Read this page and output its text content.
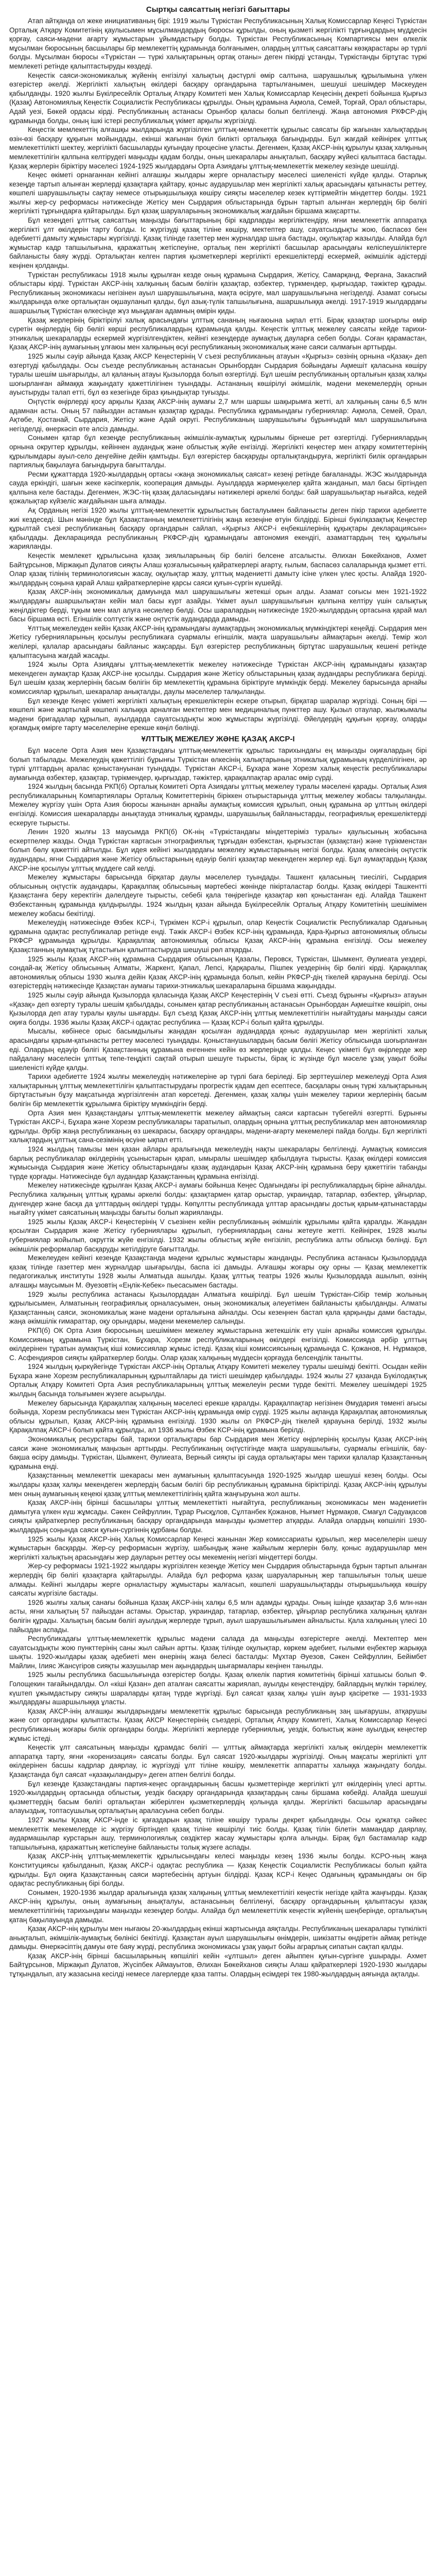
Сыртқы саясаттың негізгі бағыттары

Атап айтқанда ол жеке инициативаның бірі: 1919 жылы Түркістан Республикасының Халық Комиссарлар Кеңесі Түркістан Орталық Атқару Комитетінің қаулысымен мұсылмандардың бюросы құрылды, оның қызметі жергілікті тұрғындардың мүддесін қорғау, саяси-мәдени ағарту жұмыстарын ұйымдастыру болды. Түркістан Республикасының Компартиясы мен өлкелік мұсылман бюросының басшылары бір мемлекеттің құрамында болғанымен, олардың ұлттық саясаттағы көзқарастары әр түрлі болды. Мұсылман бюросы «Түркістан — түркі халықтарының ортақ отаны» деген пікірді ұстанды, Түркістанды біртұтас түркі мемлекеті ретінде қалыптастыруды көздеді.

Кеңестік саяси-экономикалық жүйенің енгізілуі халықтың дәстүрлі өмір салтына, шаруашылық құрылымына үлкен өзгерістер әкелді. Жергілікті халықтың өкілдері басқару органдарына тартылғанымен, шешуші шешімдер Мәскеуден қабылданды. 1920 жылғы Бүкілресейлік Орталық Атқару Комитеті мен Халық Комиссарлар Кеңесінің декреті бойынша Қырғыз (Қазақ) Автономиялық Кеңестік Социалистік Республикасы құрылды. Оның құрамына Ақмола, Семей, Торғай, Орал облыстары, Адай уезі, Бөкей ордасы кірді. Республиканың астанасы Орынбор қаласы болып белгіленді. Жаңа автономия РКФСР-дің құрамында болды, оның ішкі істері республикалық үкімет арқылы жүргізілді.

Кеңестік мемлекеттің алғашқы жылдарында жүргізілген ұлттық-мемлекеттік құрылыс саясаты бір жағынан халықтардың өзін-өзі басқару құқығын мойындады, екінші жағынан бүкіл билікті орталыққа бағындырды. Бұл жағдай кейінірек ұлттық мемлекеттілікті шектеу, жергілікті басшыларды қуғындау процесіне ұласты. Дегенмен, Қазақ АКСР-інің құрылуы қазақ халқының мемлекеттілігін қалпына келтірудегі маңызды қадам болды, оның шекаралары анықталып, басқару жүйесі қалыптаса бастады. Қазақ жерлерін біріктіру мәселесі 1924-1925 жылдардағы Орта Азиядағы ұлттық-мемлекеттік межелеу кезінде шешілді.

Кеңес өкіметі орнағаннан кейінгі алғашқы жылдары жерге орналастыру мәселесі шиеленісті күйде қалды. Отарлық кезеңде тартып алынған жерлерді қазақтарға қайтару, қоныс аударушылар мен жергілікті халық арасындағы қатынасты реттеу, көшпелі шаруашылықты сақтау немесе отырықшылыққа көшіру сияқты мәселелер кезек күттірмейтін міндеттер болды. 1921 жылғы жер-су реформасы нәтижесінде Жетісу мен Сырдария облыстарында бұрын тартып алынған жерлердің бір бөлігі жергілікті тұрғындарға қайтарылды. Бұл қазақ шаруаларының экономикалық жағдайын біршама жақсартты.

Бұл кезеңдегі ұлттық саясаттың маңызды бағыттарының бірі кадрларды жергіліктендіру, яғни мемлекеттік аппаратқа жергілікті ұлт өкілдерін тарту болды. Іс жүргізуді қазақ тіліне көшіру, мектептер ашу, сауатсыздықты жою, баспасөз бен әдебиетті дамыту жұмыстары жүргізілді. Қазақ тілінде газеттер мен журналдар шыға бастады, оқулықтар жазылды. Алайда бұл жұмыстар кадр тапшылығына, қаражаттың жетіспеуіне, орталық пен жергілікті басшылар арасындағы келіспеушіліктерге байланысты баяу жүрді. Орталықтан келген партия қызметкерлері жергілікті ерекшеліктерді ескермей, әкімшілік әдістерді кеңінен қолданды.

Түркістан республикасы 1918 жылы құрылған кезде оның құрамына Сырдария, Жетісу, Самарқанд, Ферғана, Закаспий облыстары кірді. Түркістан АКСР-інің халқының басым бөлігін қазақтар, өзбектер, түркмендер, қырғыздар, тәжіктер құрады. Республиканың экономикасы негізінен ауыл шаруашылығына, мақта өсіруге, мал шаруашылығына негізделді. Азамат соғысы жылдарында өлке орталықтан оқшауланып қалды, бұл азық-түлік тапшылығына, ашаршылыққа әкелді. 1917-1919 жылдардағы ашаршылық Түркістан өлкесінде жүз мыңдаған адамның өмірін қиды.

Қазақ жерлерінің біріктірілуі халық арасындағы ұлттық сананың нығаюына ықпал етті. Бірақ қазақтар шоғырлы өмір сүретін өңірлердің бір бөлігі көрші республикалардың құрамында қалды. Кеңестік ұлттық межелеу саясаты кейде тарихи-этникалық шекараларды ескермей жүргізілгендіктен, кейінгі кезеңдерде аумақтық дауларға себеп болды. Соған қарамастан, Қазақ АКСР-інің аумағының ұлғаюы мен халқының өсуі республиканың экономикалық және саяси салмағын арттырды.

1925 жылы сәуір айында Қазақ АКСР Кеңестерінің V съезі республиканың атауын «Қырғыз» сөзінің орнына «Қазақ» деп өзгертуді қабылдады. Осы съезде республиканың астанасын Орынбордан Сырдария бойындағы Ақмешіт қаласына көшіру туралы шешім шығарылды, ал қаланың атауы Қызылорда болып өзгертілді. Бұл шешім республиканың орталығын қазақ халқы шоғырланған аймаққа жақындату қажеттілігінен туындады. Астананың көшірілуі әкімшілік, мәдени мекемелердің орнын ауыстыруды талап етті, бұл өз кезегінде біраз қиындықтар туғызды.

Оңтүстік өңірлерді қосу арқылы Қазақ АКСР-інің аумағы 2,7 млн шаршы шақырымға жетті, ал халқының саны 6,5 млн адамнан асты. Оның 57 пайыздан астамын қазақтар құрады. Республика құрамындағы губерниялар: Ақмола, Семей, Орал, Ақтөбе, Қостанай, Сырдария, Жетісу және Адай округі. Республиканың шаруашылығы бұрынғыдай мал шаруашылығына негізделді, өнеркәсіп өте әлсіз дамыды.

Сонымен қатар бұл кезеңде республиканың әкімшілік-аумақтық құрылымы бірнеше рет өзгертілді. Губерниялардың орнына округтер құрылды, кейіннен аудандық және облыстық жүйе енгізілді. Жергілікті кеңестер мен атқару комитеттерінің құрылымдары ауыл-село деңгейіне дейін қамтыды. Бұл өзгерістер басқаруды орталықтандыруға, жергілікті билік органдарын партиялық бақылауға бағындыруға бағытталды.

Ресми құжаттарда 1920-жылдардың ортасы «жаңа экономикалық саясат» кезеңі ретінде бағаланады. ЖЭС жылдарында сауда еркіндігі, шағын жеке кәсіпкерлік, кооперация дамыды. Ауылдарда жәрмеңкелер қайта жанданып, мал басы біртіндеп қалпына келе бастады. Дегенмен, ЖЭС-тің қазақ даласындағы нәтижелері әркелкі болды: бай шаруашылықтар нығайса, кедей қожалықтар күйзеліс жағдайынан шыға алмады.

Ақ Орданың негізі 1920 жылы ұлттық-мемлекеттік құрылыстың басталуымен байланысты деген пікір тарихи әдебиетте жиі кездеседі. Шын мәнінде бұл Қазақстанның мемлекеттілігінің жаңа кезеңіне өтуін білдірді. Бірінші бүкілқазақтық Кеңестер құрылтай съезі республиканың басқару органдарын сайлап, «Қырғыз АКСР-і еңбекшілерінің құқықтары декларациясын» қабылдады. Декларацияда республиканың РКФСР-дің құрамындағы автономия екендігі, азаматтардың тең құқылығы жарияланды.

Кеңестік мемлекет құрылысына қазақ зиялыларының бір бөлігі белсене атсалысты. Әлихан Бөкейханов, Ахмет Байтұрсынов, Міржақып Дулатов сияқты Алаш қозғалысының қайраткерлері ағарту, ғылым, баспасөз салаларында қызмет етті. Олар қазақ тілінің терминологиясын жасау, оқулықтар жазу, ұлттық мәдениетті дамыту ісіне үлкен үлес қосты. Алайда 1920-жылдардың соңына қарай Алаш қайраткерлеріне қарсы саяси қуғын-сүргін күшейді.

Қазақ АКСР-інің экономикалық дамуында мал шаруашылығы жетекші орын алды. Азамат соғысы мен 1921-1922 жылдардағы ашаршылықтан кейін мал басы күрт азайды. Үкімет ауыл шаруашылығын қалпына келтіру үшін салықтық жеңілдіктер берді, тұқым мен мал алуға несиелер бөлді. Осы шаралардың нәтижесінде 1920-жылдардың ортасына қарай мал басы біршама өсті. Егіншілік солтүстік және оңтүстік аудандарда дамыды.

Ұлттық межелеуден кейін Қазақ АКСР-інің құрамындағы аумақтардың экономикалық мүмкіндіктері кеңейді. Сырдария мен Жетісу губернияларының қосылуы республикаға суармалы егіншілік, мақта шаруашылығы аймақтарын әкелді. Темір жол желілері, қалалар арасындағы байланыс жақсарды. Бұл өзгерістер республиканың біртұтас шаруашылық кешені ретінде қалыптасуына жағдай жасады.

1924 жылы Орта Азиядағы ұлттық-мемлекеттік межелеу нәтижесінде Түркістан АКСР-інің құрамындағы қазақтар мекендеген аумақтар Қазақ АКСР-іне қосылды. Сырдария және Жетісу облыстарының қазақ аудандары республикаға берілді. Бұл шешім қазақ жерлерінің басым бөлігін бір мемлекеттің құрамына біріктіруге мүмкіндік берді. Межелеу барысында арнайы комиссиялар құрылып, шекаралар анықталды, даулы мәселелер талқыланды.

Бұл кезеңде Кеңес үкіметі жергілікті халықтың ерекшеліктерін ескере отырып, бірқатар шаралар жүргізді. Соның бірі — көшпелі және жартылай көшпелі халыққа арналған мектептер мен медициналық пункттер ашу. Қызыл отаулар, жылжымалы мәдени бригадалар құрылып, ауылдарда сауатсыздықты жою жұмыстары жүргізілді. Әйелдердің құқығын қорғау, оларды қоғамдық өмірге тарту мәселелеріне ерекше көңіл бөлінді.

ҰЛТТЫҚ МЕЖЕЛЕУ ЖӘНЕ ҚАЗАҚ АКСР-І

Бұл мәселе Орта Азия мен Қазақстандағы ұлттық-мемлекеттік құрылыс тарихындағы ең маңызды оқиғалардың бірі болып табылады. Межелеудің қажеттілігі бұрынғы Түркістан өлкесінің халықтарының этникалық құрамының күрделілігінен, әр түрлі ұлттардың аралас қоныстануынан туындады. Түркістан АКСР-і, Бұхара және Хорезм халық кеңестік республикалары аумағында өзбектер, қазақтар, түрікмендер, қырғыздар, тәжіктер, қарақалпақтар аралас өмір сүрді.

1924 жылдың басында РКП(б) Орталық Комитеті Орта Азиядағы ұлттық межелеу туралы мәселені қарады. Орталық Азия республикаларының Компартиялары Орталық Комитеттерінің біріккен отырыстарында ұлттық межелеу жобасы талқыланды. Межелеу жүргізу үшін Орта Азия бюросы жанынан арнайы аумақтық комиссия құрылып, оның құрамына әр ұлттың өкілдері енгізілді. Комиссия шекараларды анықтауда этникалық құрамды, шаруашылық байланыстарды, географиялық ерекшеліктерді ескеруге тырысты.

Ленин 1920 жылғы 13 маусымда РКП(б) ОК-нің «Түркістандағы міндеттеріміз туралы» қаулысының жобасына ескертпелер жазды. Онда Түркістан картасын этнографиялық тұрғыдан өзбекстан, қырғызстан (қазақстан) және түрікменстан болып бөлу қажеттігі айтылды. Бұл идея кейінгі жылдардағы межелеу жұмыстарының негізі болды. Қазақ өлкесінің оңтүстік аудандары, яғни Сырдария және Жетісу облыстарының едәуір бөлігі қазақтар мекендеген жерлер еді. Бұл аумақтардың Қазақ АКСР-іне қосылуы ұлттық мүддеге сай келді.

Межелеу жұмыстары барысында бірқатар даулы мәселелер туындады. Ташкент қаласының тиесілігі, Сырдария облысының оңтүстік аудандары, Қарақалпақ облысының мәртебесі жөнінде пікірталастар болды. Қазақ өкілдері Ташкентті Қазақстанға беру керектігін дәлелдеуге тырысты, себебі қала төңірегінде қазақтар көп қоныстанған еді. Алайда Ташкент Өзбекстанның құрамында қалдырылды. 1924 жылдың қазан айында Бүкілресейлік Орталық Атқару Комитетінің шешімімен межелеу жобасы бекітілді.

Межелеудің нәтижесінде Өзбек КСР-і, Түркімен КСР-і құрылып, олар Кеңестік Социалистік Республикалар Одағының құрамына одақтас республикалар ретінде енді. Тәжік АКСР-і Өзбек КСР-інің құрамында, Қара-Қырғыз автономиялық облысы РКФСР құрамында құрылды. Қарақалпақ автономиялық облысы Қазақ АКСР-інің құрамына енгізілді. Осы межелеу Қазақстанның аумақтық тұтастығын қалыптастыруда шешуші рөл атқарды.

1925 жылы Қазақ АКСР-нің құрамына Сырдария облысының Қазалы, Перовск, Түркістан, Шымкент, Әулиеата уездері, сондай-ақ Жетісу облысының Алматы, Жаркент, Қапал, Лепсі, Қарқаралы, Пішпек уездерінің бір бөлігі кірді. Қарақалпақ автономиялық облысы 1930 жылға дейін Қазақ АКСР-інің құрамында болып, кейін РКФСР-дің тікелей қарауына берілді. Осы өзгерістердің нәтижесінде Қазақстан аумағы тарихи-этникалық шекараларына біршама жақындады.

1925 жылы сәуір айында Қызылорда қаласында Қазақ АКСР Кеңестерінің V съезі өтті. Съезд бұрынғы «Қырғыз» атауын «Қазақ» деп өзгерту туралы шешім қабылдады, сонымен қатар республиканың астанасын Орынбордан Ақмешітке көшіріп, оны Қызылорда деп атау туралы қаулы шығарды. Бұл съезд Қазақ АКСР-інің ұлттық мемлекеттілігін нығайтудағы маңызды саяси оқиға болды. 1936 жылы Қазақ АКСР-і одақтас республика — Қазақ КСР-і болып қайта құрылды.

Мысалы, көбінесе орыс басымдылығы жаңадан қосылған аудандарда қоныс аударушылар мен жергілікті халық арасындағы қарым-қатынасты реттеу мәселесі туындады. Қоныстанушылардың басым бөлігі Жетісу облысында шоғырланған еді. Олардың едәуір бөлігі Қазақстанның құрамына енгеннен кейін өз жерлерінде қалды. Кеңес үкіметі бұл өңірлерде жер пайдалану мәселесін ұлттық тепе-теңдікті сақтай отырып шешуге тырысты, бірақ іс жүзінде бұл мәселе ұзақ уақыт бойы шиеленісті күйде қалды.

Тарихи әдебиетте 1924 жылғы межелеудің нәтижелеріне әр түрлі баға беріледі. Бір зерттеушілер межелеуді Орта Азия халықтарының ұлттық мемлекеттілігін қалыптастырудағы прогрестік қадам деп есептесе, басқалары оның түркі халықтарының біртұтастығын бұзу мақсатында жүргізілгенін атап көрсетеді. Дегенмен, қазақ халқы үшін межелеу тарихи жерлерінің басым бөлігін бір мемлекеттік құрылымға біріктіру мүмкіндігін берді.

Орта Азия мен Қазақстандағы ұлттық-мемлекеттік межелеу аймақтың саяси картасын түбегейлі өзгертті. Бұрынғы Түркістан АКСР-і, Бұхара және Хорезм республикалары таратылып, олардың орнына ұлттық республикалар мен автономиялар құрылды. Әрбір жаңа республиканың өз шекарасы, басқару органдары, мәдени-ағарту мекемелері пайда болды. Бұл жергілікті халықтардың ұлттық сана-сезімінің өсуіне ықпал етті.

1924 жылдың тамызы мен қазан айлары аралығында межелеудің нақты шекаралары белгіленді. Аумақтық комиссия барлық республикалар өкілдерінің ұсыныстарын қарап, ымыралы шешімдер қабылдауға тырысты. Қазақ өкілдері комиссия жұмысында Сырдария және Жетісу облыстарындағы қазақ аудандарын Қазақ АКСР-інің құрамына беру қажеттігін табанды түрде қорғады. Нәтижесінде бұл аудандар Қазақстанның құрамына енгізілді.

Межелеу нәтижесінде құрылған Қазақ АКСР-і аумағы бойынша Кеңес Одағындағы ірі республикалардың біріне айналды. Республика халқының ұлттық құрамы әркелкі болды: қазақтармен қатар орыстар, украиндар, татарлар, өзбектер, ұйғырлар, дүнгендер және басқа да ұлттардың өкілдері тұрды. Көпұлтты республикада ұлттар арасындағы достық қарым-қатынастарды нығайту үкімет саясатының маңызды бағыты болып жарияланды.

1925 жылы Қазақ АКСР-і Кеңестерінің V съезінен кейін республиканың әкімшілік құрылымы қайта қаралды. Жаңадан қосылған Сырдария және Жетісу губерниялары құрылып, губерниялардың саны жетеуге жетті. Кейінірек, 1928 жылы губерниялар жойылып, округтік жүйе енгізілді. 1932 жылы облыстық жүйе енгізіліп, республика алты облысқа бөлінді. Бұл әкімшілік реформалар басқаруды жетілдіруге бағытталды.

Межелеуден кейінгі кезеңде Қазақстанда мәдени құрылыс жұмыстары жанданды. Республика астанасы Қызылордада қазақ тілінде газеттер мен журналдар шығарылды, баспа ісі дамыды. Алғашқы жоғары оқу орны — Қазақ мемлекеттік педагогикалық институты 1928 жылы Алматыда ашылды. Қазақ ұлттық театры 1926 жылы Қызылордада ашылып, өзінің алғашқы маусымын М. Әуезовтің «Еңлік-Кебек» пьесасымен бастады.

1929 жылы республика астанасы Қызылордадан Алматыға көшірілді. Бұл шешім Түркістан-Сібір темір жолының құрылысымен, Алматының географиялық орналасуымен, оның экономикалық әлеуетімен байланысты қабылданды. Алматы Қазақстанның саяси, экономикалық және мәдени орталығына айналды. Осы кезеңнен бастап қала қарқынды дами бастады, жаңа әкімшілік ғимараттар, оқу орындары, мәдени мекемелер салынды.

РКП(б) ОК Орта Азия бюросының шешімімен межелеу жұмыстарына жетекшілік ету үшін арнайы комиссия құрылды. Комиссияның құрамына Түркістан, Бұхара, Хорезм республикаларының өкілдері енгізілді. Комиссияда әрбір ұлттың өкілдерінен тұратын аумақтық кіші комиссиялар жұмыс істеді. Қазақ кіші комиссиясының құрамында С. Қожанов, Н. Нұрмақов, С. Асфендияров сияқты қайраткерлер болды. Олар қазақ халқының мүддесін қорғауда белсенділік танытты.

1924 жылдың қыркүйегінде Түркістан АКСР-інің Орталық Атқару Комитеті межелеу туралы шешімді бекітті. Осыдан кейін Бұхара және Хорезм республикаларының құрылтайлары да тиісті шешімдер қабылдады. 1924 жылы 27 қазанда Бүкілодақтық Орталық Атқару Комитеті Орта Азия республикаларының ұлттық межелеуін ресми түрде бекітті. Межелеу шешімдері 1925 жылдың басында толығымен жүзеге асырылды.

Межелеу барысында Қарақалпақ халқының мәселесі ерекше қаралды. Қарақалпақтар негізінен Әмудария төменгі ағысы бойында, Хорезм республикасы мен Түркістан АКСР-інің құрамында өмір сүрді. 1925 жылы ақпанда Қарақалпақ автономиялық облысы құрылып, Қазақ АКСР-інің құрамына енгізілді. 1930 жылы ол РКФСР-дің тікелей қарауына берілді, 1932 жылы Қарақалпақ АКСР-і болып қайта құрылды, ал 1936 жылы Өзбек КСР-інің құрамына берілді.

Экономикалық ресурстары бай, тарихи орталықтары бар Сырдария мен Жетісу өңірлерінің қосылуы Қазақ АКСР-інің саяси және экономикалық маңызын арттырды. Республиканың оңтүстігінде мақта шаруашылығы, суармалы егіншілік, бау-бақша өсіру дамыды. Түркістан, Шымкент, Әулиеата, Верный сияқты ірі сауда орталықтары мен тарихи қалалар Қазақстанның құрамына енді.

Қазақстанның мемлекеттік шекарасы мен аумағының қалыптасуында 1920-1925 жылдар шешуші кезең болды. Осы жылдары қазақ халқы мекендеген жерлердің басым бөлігі бір республиканың құрамына біріктірілді. Қазақ АКСР-інің құрылуы мен оның аумағының кеңеюі қазақ ұлттық мемлекеттілігінің қайта жаңғыруына жол ашты.

Қазақ АКСР-інің бірінші басшылары ұлттық мемлекеттікті нығайтуға, республиканың экономикасы мен мәдениетін дамытуға үлкен күш жұмсады. Сәкен Сейфуллин, Тұрар Рысқұлов, Сұлтанбек Қожанов, Нығмет Нұрмақов, Смағұл Сәдуақасов сияқты қайраткерлер республиканың басқару органдарында маңызды қызметтер атқарды. Алайда олардың көпшілігі 1930-жылдардың соңында саяси қуғын-сүргіннің құрбаны болды.

1925 жылы Қазақ АКСР-інің Халық Комиссарлар Кеңесі жанынан Жер комиссариаты құрылып, жер мәселелерін шешу жұмыстарын басқарды. Жер-су реформасын жүргізу, шабындық және жайылым жерлерін бөлу, қоныс аударушылар мен жергілікті халықтың арасындағы жер дауларын реттеу осы мекеменің негізгі міндеттері болды.

Жер-су реформасы 1921-1922 жылдары жүргізілген кезеңде Жетісу мен Сырдария облыстарында бұрын тартып алынған жерлердің бір бөлігі қазақтарға қайтарылды. Алайда бұл реформа қазақ шаруаларының жер тапшылығын толық шеше алмады. Кейінгі жылдары жерге орналастыру жұмыстары жалғасып, көшпелі шаруашылықтарды отырықшылыққа көшіру саясаты жүргізіле бастады.

1926 жылғы халық санағы бойынша Қазақ АКСР-інің халқы 6,5 млн адамды құрады. Оның ішінде қазақтар 3,6 млн-нан асты, яғни халықтың 57 пайыздан астамы. Орыстар, украиндар, татарлар, өзбектер, ұйғырлар республика халқының қалған бөлігін құрады. Халықтың басым бөлігі ауылдық жерлерде тұрып, ауыл шаруашылығымен айналысты. Қала халқының үлесі 10 пайыздан аспады.

Республикадағы ұлттық-мемлекеттік құрылыс мәдени салада да маңызды өзгерістерге әкелді. Мектептер мен сауатсыздықты жою пункттерінің саны жыл сайын артты. Қазақ тілінде оқулықтар, көркем әдебиет, ғылыми еңбектер жарыққа шықты. 1920-жылдары қазақ әдебиеті мен өнерінің жаңа белесі басталды: Мұхтар Әуезов, Сәкен Сейфуллин, Бейімбет Майлин, Ілияс Жансүгіров сияқты жазушылар мен ақындардың шығармалары кеңінен танылды.

1925 жылы республика басшылығында өзгерістер болды. Қазақ өлкелік партия комитетінің бірінші хатшысы болып Ф. Голощекин тағайындалды. Ол «кіші Қазан» деп аталған саясатты жариялап, ауылды кеңестендіру, байлардың мүлкін тәркілеу, күштеп ұжымдастыру сияқты шараларды қатаң түрде жүргізді. Бұл саясат қазақ халқы үшін ауыр қасіретке — 1931-1933 жылдардағы ашаршылыққа ұласты.

Қазақ АКСР-інің алғашқы жылдарындағы мемлекеттік құрылыс барысында республиканың заң шығарушы, атқарушы және сот органдары қалыптасты. Қазақ АКСР Кеңестерінің съездері, Орталық Атқару Комитеті, Халық Комиссарлар Кеңесі республиканың жоғары билік органдары болды. Жергілікті жерлерде губерниялық, уездік, болыстық және ауылдық кеңестер жұмыс істеді.

Кеңестік ұлт саясатының маңызды құрамдас бөлігі — ұлттық аймақтарда жергілікті халық өкілдерін мемлекеттік аппаратқа тарту, яғни «коренизация» саясаты болды. Бұл саясат 1920-жылдары жүргізілді. Оның мақсаты жергілікті ұлт өкілдерінен басшы кадрлар даярлау, іс жүргізуді ұлт тіліне көшіру, мемлекеттік аппаратты халыққа жақындату болды. Қазақстанда бұл саясат «қазақыландыру» деген атпен белгілі болды.

Бұл кезеңде Қазақстандағы партия-кеңес органдарының басшы қызметтерінде жергілікті ұлт өкілдерінің үлесі артты. 1920-жылдардың ортасында облыстық, уездік басқару органдарында қазақтардың саны біршама көбейді. Алайда шешуші қызметтердің басым бөлігі орталықтан жіберілген қызметкерлердің қолында қалды. Жергілікті басшылар арасындағы алауыздық, топтасушылық орталықтың араласуына себеп болды.

1927 жылы Қазақ АКСР-інде іс қағаздарын қазақ тіліне көшіру туралы декрет қабылданды. Осы құжатқа сәйкес мемлекеттік мекемелерде іс жүргізу біртіндеп қазақ тіліне көшірілуі тиіс болды. Қазақ тілін білетін мамандар даярлау, аудармашылар курстарын ашу, терминологиялық сөздіктер жасау жұмыстары қолға алынды. Бірақ бұл бастамалар кадр тапшылығына, қаражаттың жетіспеуіне байланысты толық жүзеге аспады.

Қазақ АКСР-інің ұлттық-мемлекеттік құрылысындағы келесі маңызды кезең 1936 жылы болды. КСРО-ның жаңа Конституциясы қабылданып, Қазақ АКСР-і одақтас республика — Қазақ Кеңестік Социалистік Республикасы болып қайта құрылды. Бұл оқиға Қазақстанның саяси мәртебесінің артуын білдірді. Қазақ КСР-і Кеңес Одағының құрамындағы он бір одақтас республиканың бірі болды.

Сонымен, 1920-1936 жылдар аралығында қазақ халқының ұлттық мемлекеттілігі кеңестік негізде қайта жаңғырды. Қазақ АКСР-інің құрылуы, оның аумағының анықталуы, астанасының белгіленуі, басқару органдарының қалыптасуы қазақ мемлекеттілігінің тарихындағы маңызды кезеңдер болды. Алайда бұл мемлекеттілік кеңестік жүйенің шеңберінде, орталықтың қатаң бақылауында дамыды.

Қазақ АКСР-нің құрылуы мен нығаюы 20-жылдардың екінші жартысында аяқталды. Республиканың шекаралары түпкілікті анықталып, әкімшілік-аумақтық бөлінісі бекітілді. Қазақстан ауыл шаруашылығы өнімдерін, шикізатты өндіретін аймақ ретінде дамыды. Өнеркәсіптің дамуы өте баяу жүрді, республика экономикасы ұзақ уақыт бойы аграрлық сипатын сақтап қалды.

Қазақ АКСР-інің бірінші басшыларының көпшілігі кейін «ұлтшыл» деген айыппен қуғын-сүргінге ұшырады. Ахмет Байтұрсынов, Міржақып Дулатов, Жүсіпбек Аймауытов, Әлихан Бөкейханов сияқты Алаш қайраткерлері 1920-1930 жылдары тұтқындалып, ату жазасына кесілді немесе лагерлерде қаза тапты. Олардың есімдері тек 1980-жылдардың аяғында ақталды.
